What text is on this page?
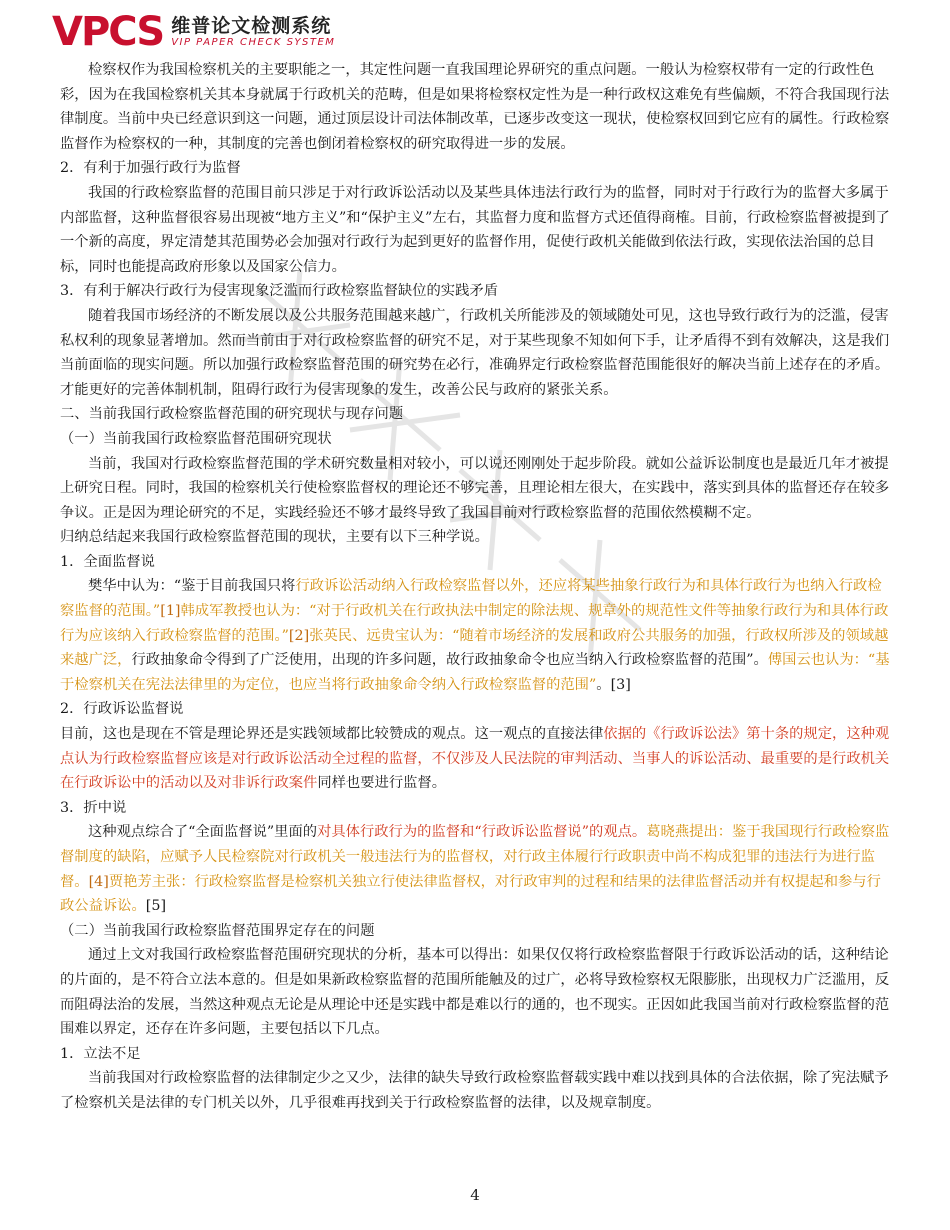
VPCS 维普论文检测系统
VIP PAPER CHECK SYSTEM

检察权作为我国检察机关的主要职能之一，其定性问题一直我国理论界研究的重点问题。一般认为检察权带有一定的行政性色彩，因为在我国检察机关其本身就属于行政机关的范畴，但是如果将检察权定性为是一种行政权这难免有些偏颇，不符合我国现行法律制度。当前中央已经意识到这一问题，通过顶层设计司法体制改革，已逐步改变这一现状，使检察权回到它应有的属性。行政检察监督作为检察权的一种，其制度的完善也倒闭着检察权的研究取得进一步的发展。

2．有利于加强行政行为监督

我国的行政检察监督的范围目前只涉足于对行政诉讼活动以及某些具体违法行政行为的监督，同时对于行政行为的监督大多属于内部监督，这种监督很容易出现被“地方主义”和“保护主义”左右，其监督力度和监督方式还值得商榷。目前，行政检察监督被提到了一个新的高度，界定清楚其范围势必会加强对行政行为起到更好的监督作用，促使行政机关能做到依法行政，实现依法治国的总目标，同时也能提高政府形象以及国家公信力。

3．有利于解决行政行为侵害现象泛滥而行政检察监督缺位的实践矛盾

随着我国市场经济的不断发展以及公共服务范围越来越广，行政机关所能涉及的领域随处可见，这也导致行政行为的泛滥，侵害私权利的现象显著增加。然而当前由于对行政检察监督的研究不足，对于某些现象不知如何下手，让矛盾得不到有效解决，这是我们当前面临的现实问题。所以加强行政检察监督范围的研究势在必行，准确界定行政检察监督范围能很好的解决当前上述存在的矛盾。才能更好的完善体制机制，阻碍行政行为侵害现象的发生，改善公民与政府的紧张关系。

二、当前我国行政检察监督范围的研究现状与现存问题

（一）当前我国行政检察监督范围研究现状

当前，我国对行政检察监督范围的学术研究数量相对较小，可以说还刚刚处于起步阶段。就如公益诉讼制度也是最近几年才被提上研究日程。同时，我国的检察机关行使检察监督权的理论还不够完善，且理论相左很大，在实践中，落实到具体的监督还存在较多争议。正是因为理论研究的不足，实践经验还不够才最终导致了我国目前对行政检察监督的范围依然模糊不定。

归纳总结起来我国行政检察监督范围的现状，主要有以下三种学说。

1．全面监督说

樊华中认为：“鉴于目前我国只将行政诉讼活动纳入行政检察监督以外，还应将某些抽象行政行为和具体行政行为也纳入行政检察监督的范围。”[1]韩成军教授也认为：“对于行政机关在行政执法中制定的除法规、规章外的规范性文件等抽象行政行为和具体行政行为应该纳入行政检察监督的范围。”[2]张英民、远贵宝认为：“随着市场经济的发展和政府公共服务的加强，行政权所涉及的领域越来越广泛，行政抽象命令得到了广泛使用，出现的许多问题，故行政抽象命令也应当纳入行政检察监督的范围”。傅国云也认为：“基于检察机关在宪法法律里的为定位，也应当将行政抽象命令纳入行政检察监督的范围”。[3]

2．行政诉讼监督说

目前，这也是现在不管是理论界还是实践领域都比较赞成的观点。这一观点的直接法律依据的《行政诉讼法》第十条的规定，这种观点认为行政检察监督应该是对行政诉讼活动全过程的监督，不仅涉及人民法院的审判活动、当事人的诉讼活动、最重要的是行政机关在行政诉讼中的活动以及对非诉行政案件同样也要进行监督。

3．折中说

这种观点综合了“全面监督说”里面的对具体行政行为的监督和“行政诉讼监督说”的观点。葛晓燕提出：鉴于我国现行行政检察监督制度的缺陷，应赋予人民检察院对行政机关一般违法行为的监督权，对行政主体履行行政职责中尚不构成犯罪的违法行为进行监督。[4]贾艳芳主张：行政检察监督是检察机关独立行使法律监督权，对行政审判的过程和结果的法律监督活动并有权提起和参与行政公益诉讼。[5]

（二）当前我国行政检察监督范围界定存在的问题

通过上文对我国行政检察监督范围研究现状的分析，基本可以得出：如果仅仅将行政检察监督限于行政诉讼活动的话，这种结论的片面的，是不符合立法本意的。但是如果新政检察监督的范围所能触及的过广，必将导致检察权无限膨胀，出现权力广泛滥用，反而阻碍法治的发展，当然这种观点无论是从理论中还是实践中都是难以行的通的，也不现实。正因如此我国当前对行政检察监督的范围难以界定，还存在许多问题，主要包括以下几点。

1．立法不足

当前我国对行政检察监督的法律制定少之又少，法律的缺失导致行政检察监督载实践中难以找到具体的合法依据，除了宪法赋予了检察机关是法律的专门机关以外，几乎很难再找到关于行政检察监督的法律，以及规章制度。

4
